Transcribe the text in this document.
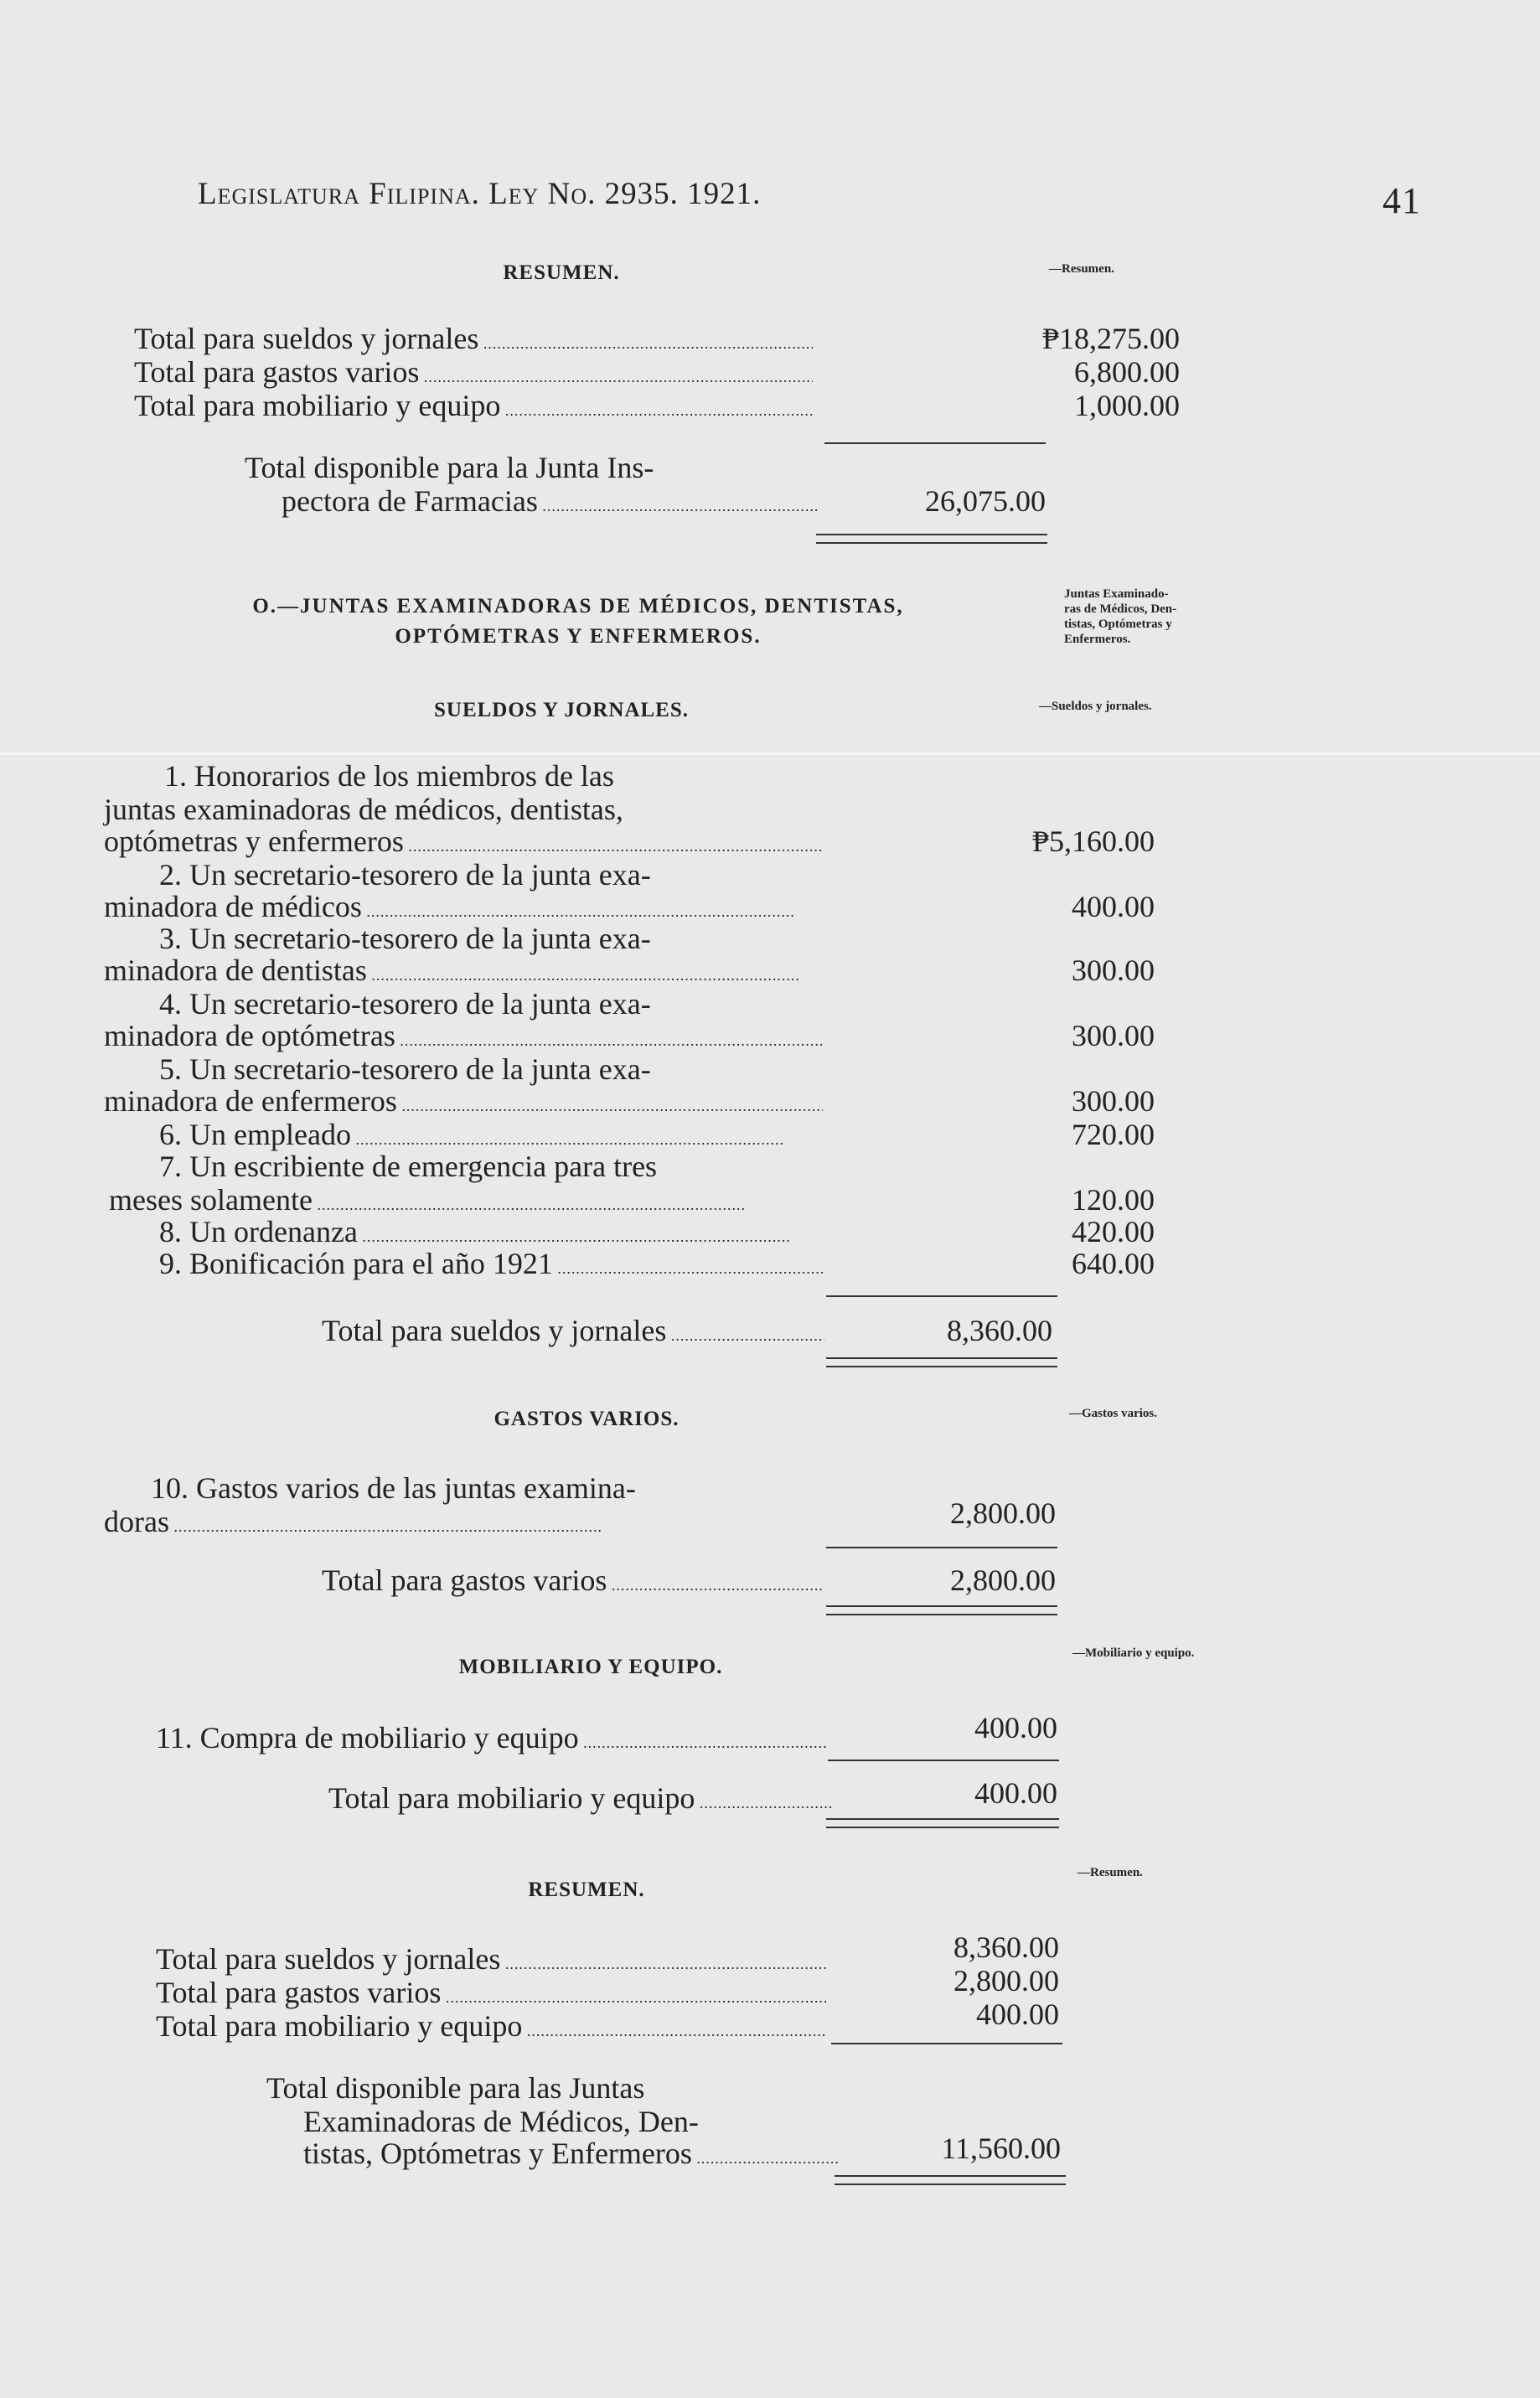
Legislatura Filipina. Ley No. 2935. 1921.	41
RESUMEN.	—Resumen.
Total para sueldos y jornales .....	₱18,275.00
Total para gastos varios .....	6,800.00
Total para mobiliario y equipo .....	1,000.00
Total disponible para la Junta Ins-
pectora de Farmacias .....	26,075.00
O.—JUNTAS EXAMINADORAS DE MÉDICOS, DENTISTAS,
OPTÓMETRAS Y ENFERMEROS.
Juntas Examinado-
ras de Médicos, Den-
tistas, Optómetras y
Enfermeros.
SUELDOS Y JORNALES.	—Sueldos y jornales.
1. Honorarios de los miembros de las
juntas examinadoras de médicos, dentistas,
optómetras y enfermeros .....	₱5,160.00
2. Un secretario-tesorero de la junta exa-
minadora de médicos .....	400.00
3. Un secretario-tesorero de la junta exa-
minadora de dentistas .....	300.00
4. Un secretario-tesorero de la junta exa-
minadora de optómetras .....	300.00
5. Un secretario-tesorero de la junta exa-
minadora de enfermeros .....	300.00
6. Un empleado .....	720.00
7. Un escribiente de emergencia para tres
meses solamente .....	120.00
8. Un ordenanza .....	420.00
9. Bonificación para el año 1921 .....	640.00
Total para sueldos y jornales .....	8,360.00
GASTOS VARIOS.	—Gastos varios.
10. Gastos varios de las juntas examina-
doras .....	2,800.00
Total para gastos varios .....	2,800.00
MOBILIARIO Y EQUIPO.
—Mobiliario y equipo.
11. Compra de mobiliario y equipo .....	400.00
Total para mobiliario y equipo .....	400.00
RESUMEN.
—Resumen.
Total para sueldos y jornales .....	8,360.00
Total para gastos varios .....	2,800.00
Total para mobiliario y equipo .....	400.00
Total disponible para las Juntas
Examinadoras de Médicos, Den-
tistas, Optómetras y Enfermeros .....	11,560.00
